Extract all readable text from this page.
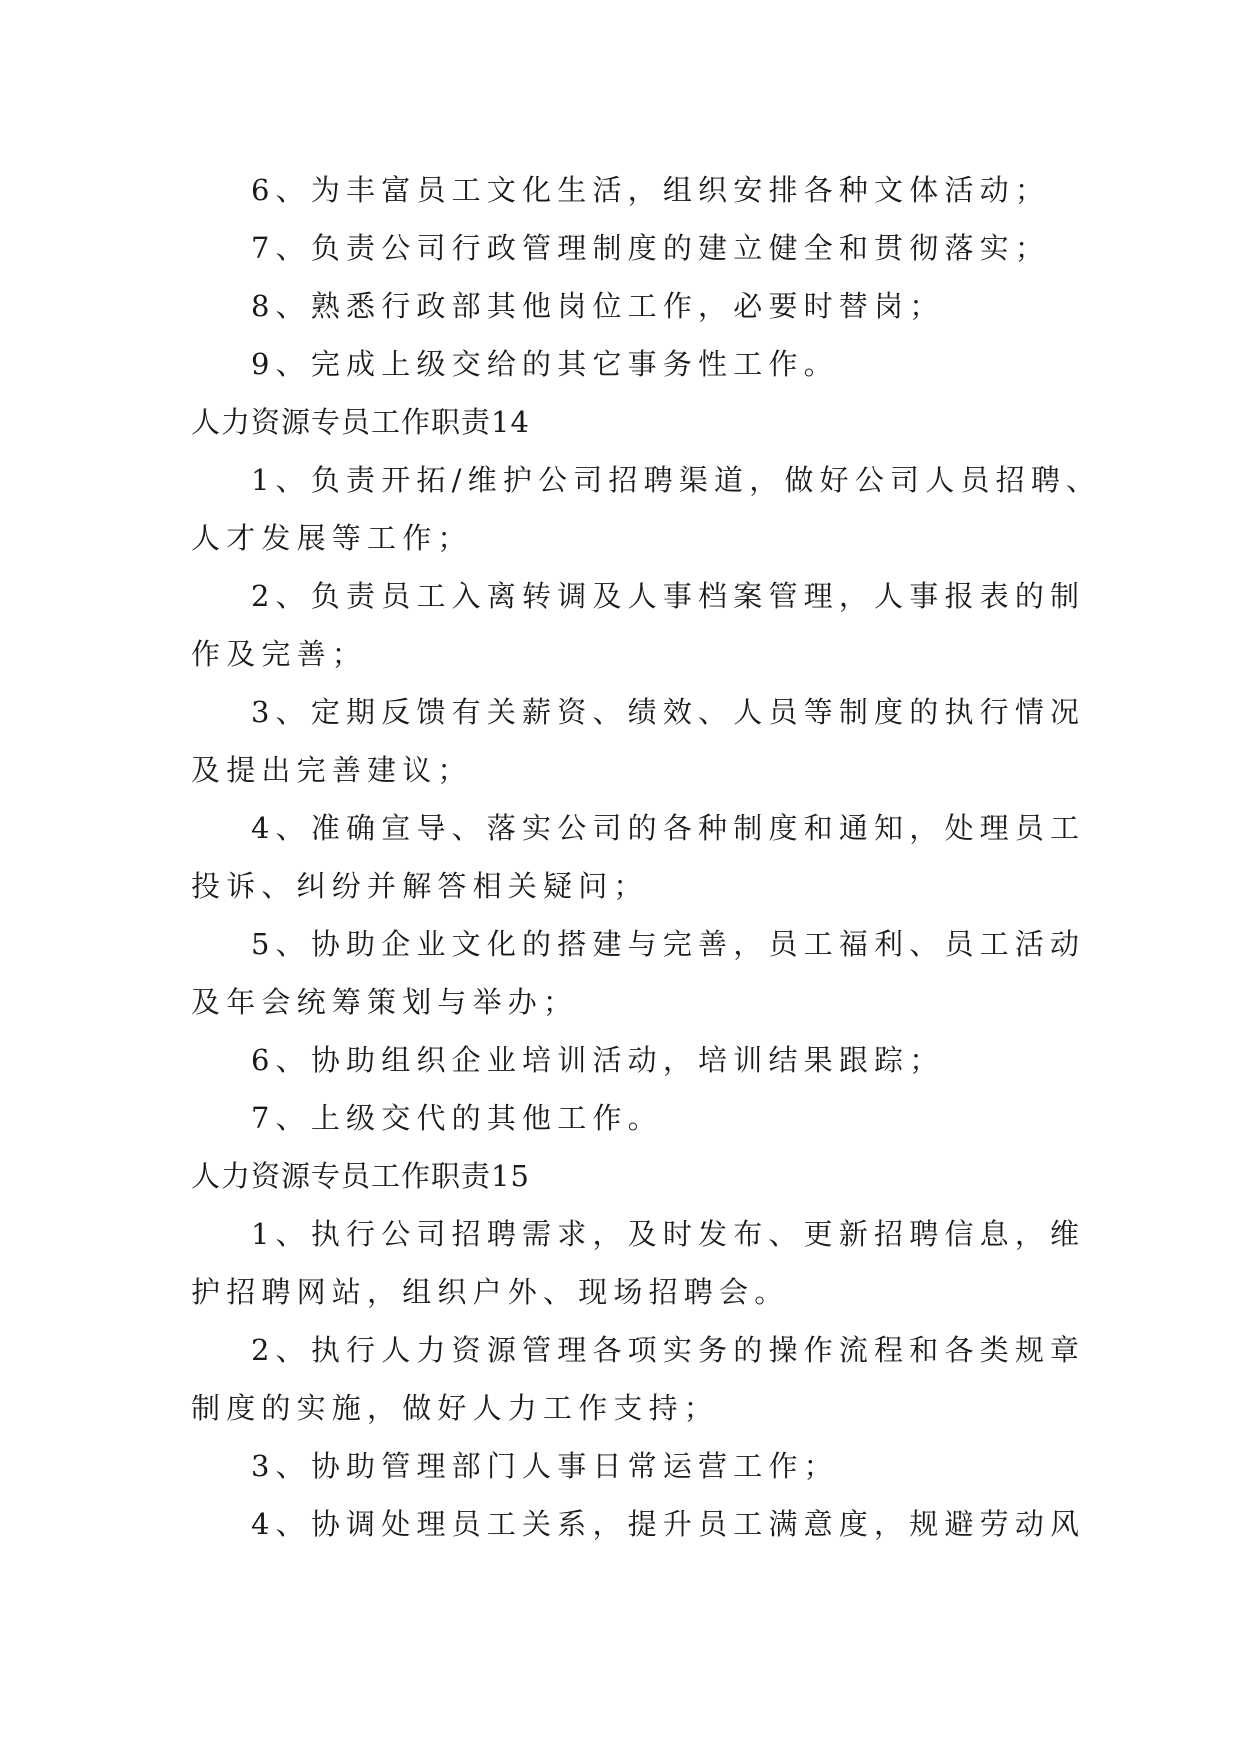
6、为丰富员工文化生活，组织安排各种文体活动；

7、负责公司行政管理制度的建立健全和贯彻落实；

8、熟悉行政部其他岗位工作，必要时替岗；

9、完成上级交给的其它事务性工作。

人力资源专员工作职责14

1、负责开拓/维护公司招聘渠道，做好公司人员招聘、

人才发展等工作；

2、负责员工入离转调及人事档案管理，人事报表的制

作及完善；

3、定期反馈有关薪资、绩效、人员等制度的执行情况

及提出完善建议；

4、准确宣导、落实公司的各种制度和通知，处理员工

投诉、纠纷并解答相关疑问；

5、协助企业文化的搭建与完善，员工福利、员工活动

及年会统筹策划与举办；

6、协助组织企业培训活动，培训结果跟踪；

7、上级交代的其他工作。

人力资源专员工作职责15

1、执行公司招聘需求，及时发布、更新招聘信息，维

护招聘网站，组织户外、现场招聘会。

2、执行人力资源管理各项实务的操作流程和各类规章

制度的实施，做好人力工作支持；

3、协助管理部门人事日常运营工作；

4、协调处理员工关系，提升员工满意度，规避劳动风
